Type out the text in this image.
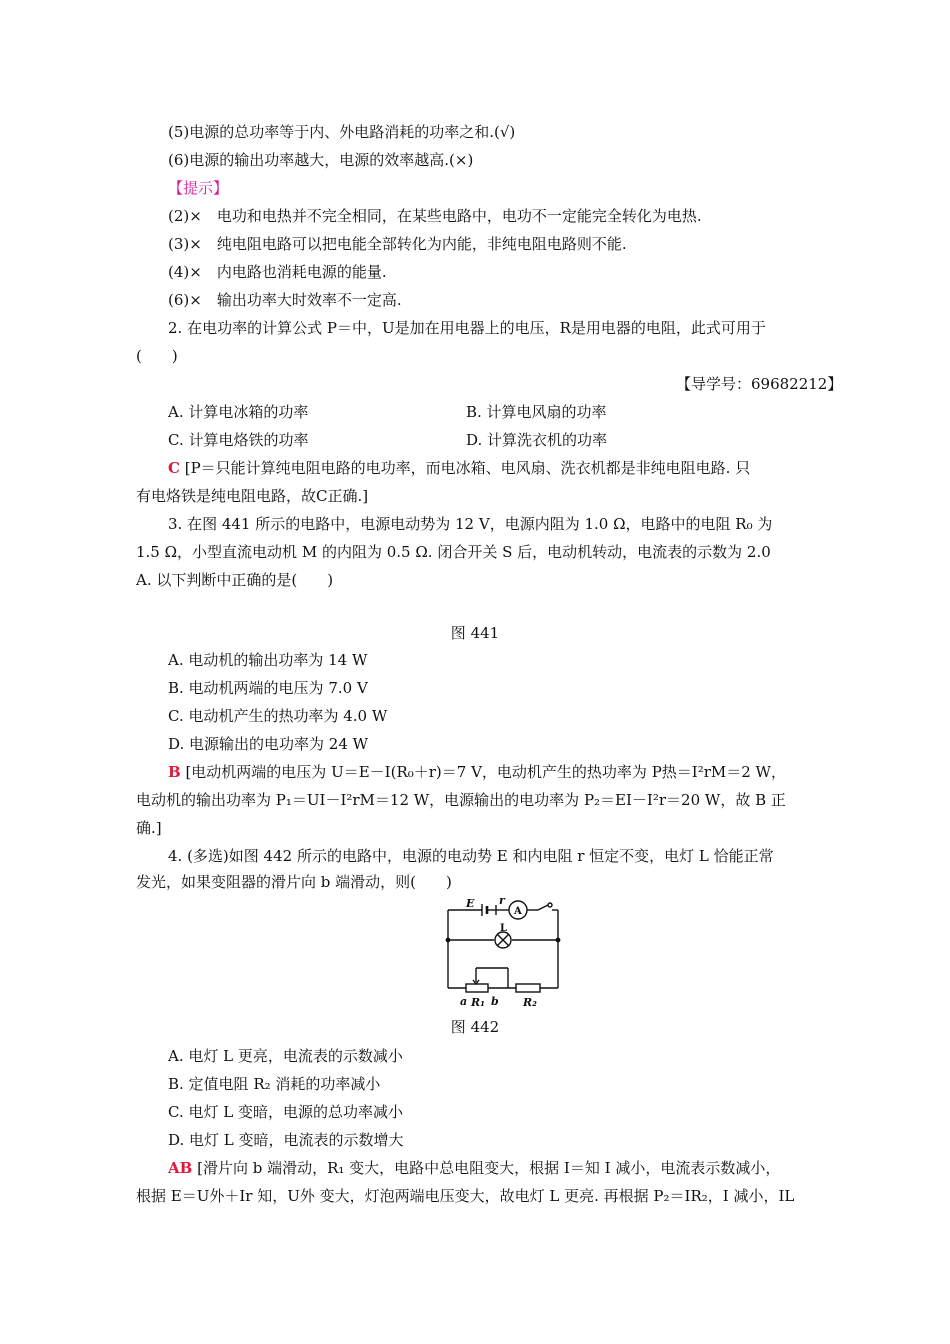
(5)电源的总功率等于内、外电路消耗的功率之和.(√)
(6)电源的输出功率越大，电源的效率越高.(×)
【提示】
(2)×　电功和电热并不完全相同，在某些电路中，电功不一定能完全转化为电热.
(3)×　纯电阻电路可以把电能全部转化为内能，非纯电阻电路则不能.
(4)×　内电路也消耗电源的能量.
(6)×　输出功率大时效率不一定高.
2. 在电功率的计算公式 P＝中，U是加在用电器上的电压，R是用电器的电阻，此式可用于
(　　)
【导学号：69682212】
A. 计算电冰箱的功率	B. 计算电风扇的功率
C. 计算电烙铁的功率	D. 计算洗衣机的功率
C [P＝只能计算纯电阻电路的电功率，而电冰箱、电风扇、洗衣机都是非纯电阻电路. 只
有电烙铁是纯电阻电路，故C正确.]
3. 在图 441 所示的电路中，电源电动势为 12 V，电源内阻为 1.0 Ω，电路中的电阻 R₀ 为
1.5 Ω，小型直流电动机 M 的内阻为 0.5 Ω. 闭合开关 S 后，电动机转动，电流表的示数为 2.0
A. 以下判断中正确的是(　　)
图 441
A. 电动机的输出功率为 14 W
B. 电动机两端的电压为 7.0 V
C. 电动机产生的热功率为 4.0 W
D. 电源输出的电功率为 24 W
B [电动机两端的电压为 U＝E－I(R₀＋r)＝7 V，电动机产生的热功率为 P热＝I²rM＝2 W，
电动机的输出功率为 P₁＝UI－I²rM＝12 W，电源输出的电功率为 P₂＝EI－I²r＝20 W，故 B 正
确.]
4. (多选)如图 442 所示的电路中，电源的电动势 E 和内电阻 r 恒定不变，电灯 L 恰能正常
发光，如果变阻器的滑片向 b 端滑动，则(　　)
E r
a R₁ b R₂
A
L
图 442
A. 电灯 L 更亮，电流表的示数减小
B. 定值电阻 R₂ 消耗的功率减小
C. 电灯 L 变暗，电源的总功率减小
D. 电灯 L 变暗，电流表的示数增大
AB [滑片向 b 端滑动，R₁ 变大，电路中总电阻变大，根据 I＝知 I 减小，电流表示数减小，
根据 E＝U外＋Ir 知，U外 变大，灯泡两端电压变大，故电灯 L 更亮. 再根据 P₂＝IR₂，I 减小，IL
